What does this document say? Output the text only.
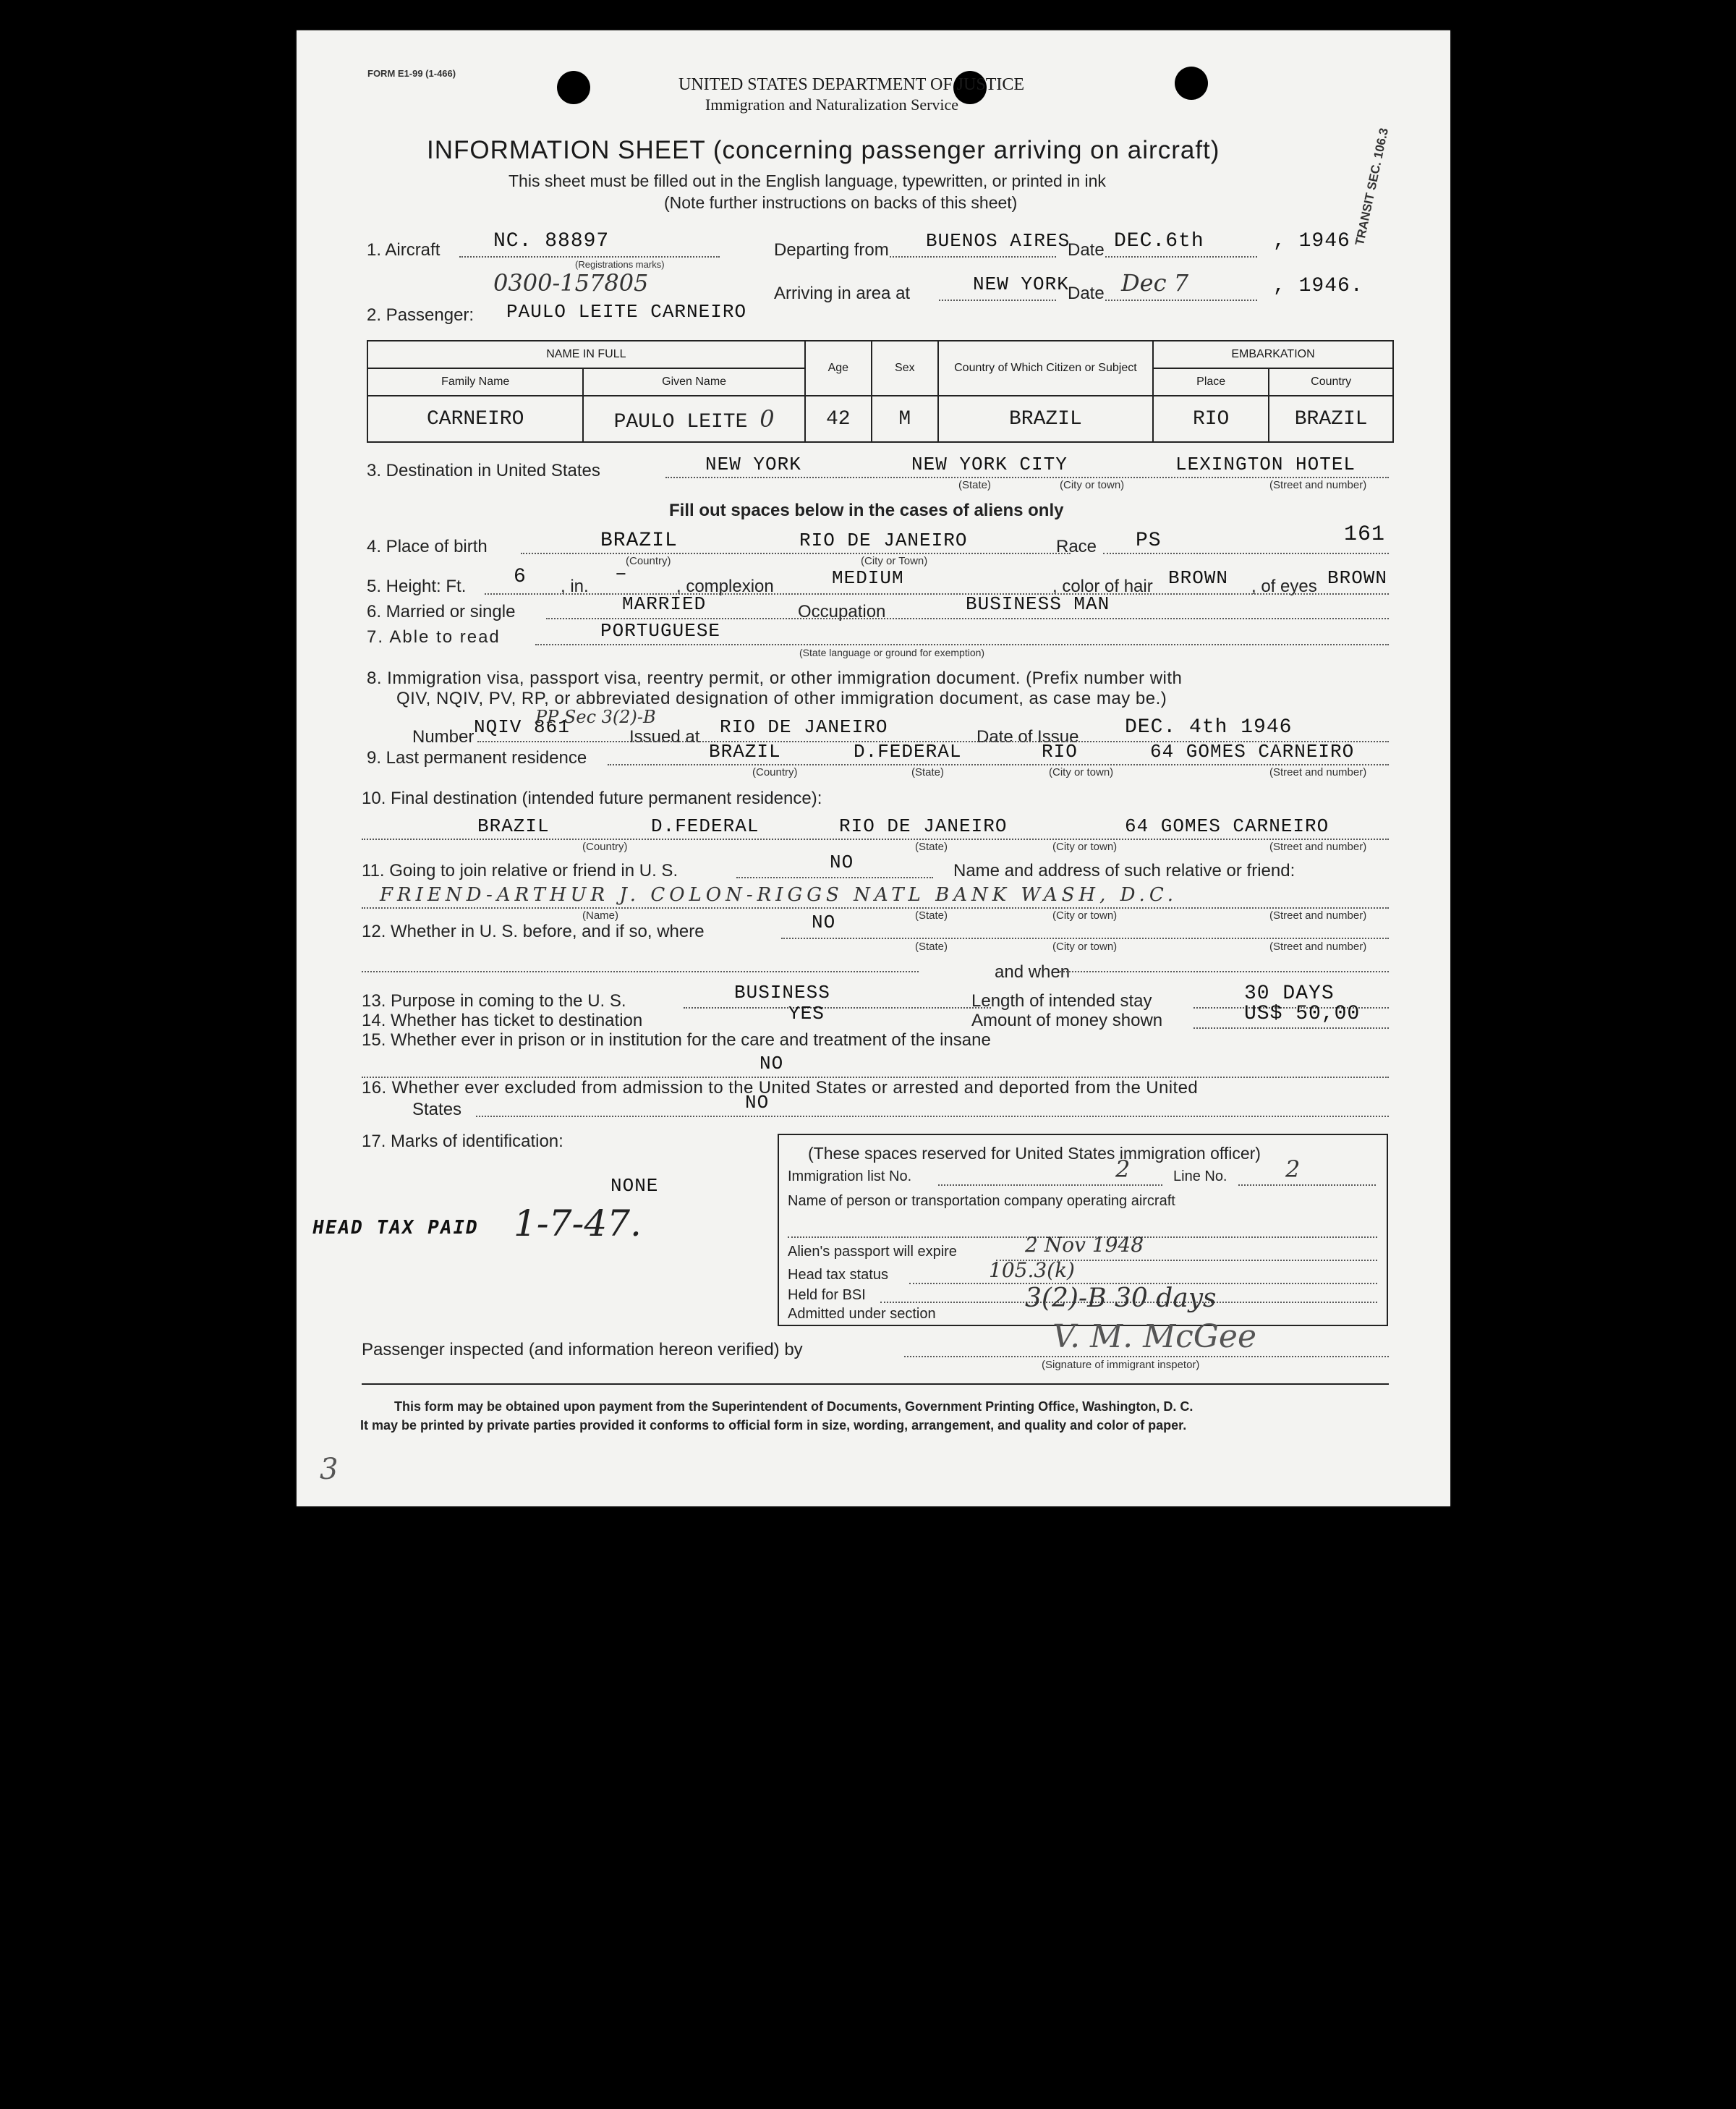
FORM E1-99 (1-466)
UNITED STATES DEPARTMENT OF JUSTICE
Immigration and Naturalization Service
INFORMATION SHEET (concerning passenger arriving on aircraft)
This sheet must be filled out in the English language, typewritten, or printed in ink
(Note further instructions on backs of this sheet)	TRANSIT SEC. 106.3
1. Aircraft	NC. 88897
(Registrations marks)
Departing from BUENOS AIRES
Date DEC.6th	, 1946
0300-157805	Arriving in area at	NEW YORK
Date Dec 7	, 1946.
2. Passenger: PAULO LEITE CARNEIRO
NAME IN FULL		Age	Sex	Country of Which Citizen or Subject	EMBARKATION	
Family Name	Given Name				Place	Country
CARNEIRO	PAULO LEITE 0	42	M	BRAZIL	RIO	BRAZIL
3. Destination in United States	NEW YORK	NEW YORK CITY	LEXINGTON HOTEL
(State)	(City or town)	(Street and number)
Fill out spaces below in the cases of aliens only
4. Place of birth	BRAZIL	RIO DE JANEIRO
(Country)	(City or Town)
Race PS	161
5. Height: Ft. 6 , in.
–
, complexion	MEDIUM	, color of hair BROWN , of eyes BROWN
6. Married or single	MARRIED	Occupation	BUSINESS MAN
7. Able to read	PORTUGUESE
(State language or ground for exemption)
8. Immigration visa, passport visa, reentry permit, or other immigration document. (Prefix number with
QIV, NQIV, PV, RP, or abbreviated designation of other immigration document, as case may be.)
Number NQIV 861
PP Sec 3(2)-B
Issued at RIO DE JANEIRO	Date of Issue DEC. 4th 1946
9. Last permanent residence	BRAZIL	D.FEDERAL	RIO	64 GOMES CARNEIRO
(Country)	(State)	(City or town)	(Street and number)
10. Final destination (intended future permanent residence):
BRAZIL	D.FEDERAL	RIO DE JANEIRO	64 GOMES CARNEIRO
(Country)	(State)	(City or town)	(Street and number)
11. Going to join relative or friend in U. S.	NO	Name and address of such relative or friend:
FRIEND-ARTHUR J. COLON-RIGGS NATL BANK WASH, D.C.
(Name)	(State)	(City or town)	(Street and number)
12. Whether in U. S. before, and if so, where	NO
(State)	(City or town)	(Street and number)
and when
13. Purpose in coming to the U. S.	BUSINESS	Length of intended stay	30 DAYS
14. Whether has ticket to destination	YES	Amount of money shown	US$ 50,00
15. Whether ever in prison or in institution for the care and treatment of the insane
NO
16. Whether ever excluded from admission to the United States or arrested and deported from the United
States	NO
17. Marks of identification:
NONE
HEAD TAX PAID 1-7-47.
(These spaces reserved for United States immigration officer)
Immigration list No.	2	Line No.	2
Name of person or transportation company operating aircraft
Alien's passport will expire	2 Nov 1948
Head tax status	105.3(k)
Held for BSI
Admitted under section
3(2)-B 30 days
Passenger inspected (and information hereon verified) by	V. M. McGee
(Signature of immigrant inspetor)
This form may be obtained upon payment from the Superintendent of Documents, Government Printing Office, Washington, D. C.
It may be printed by private parties provided it conforms to official form in size, wording, arrangement, and quality and color of paper.
3
